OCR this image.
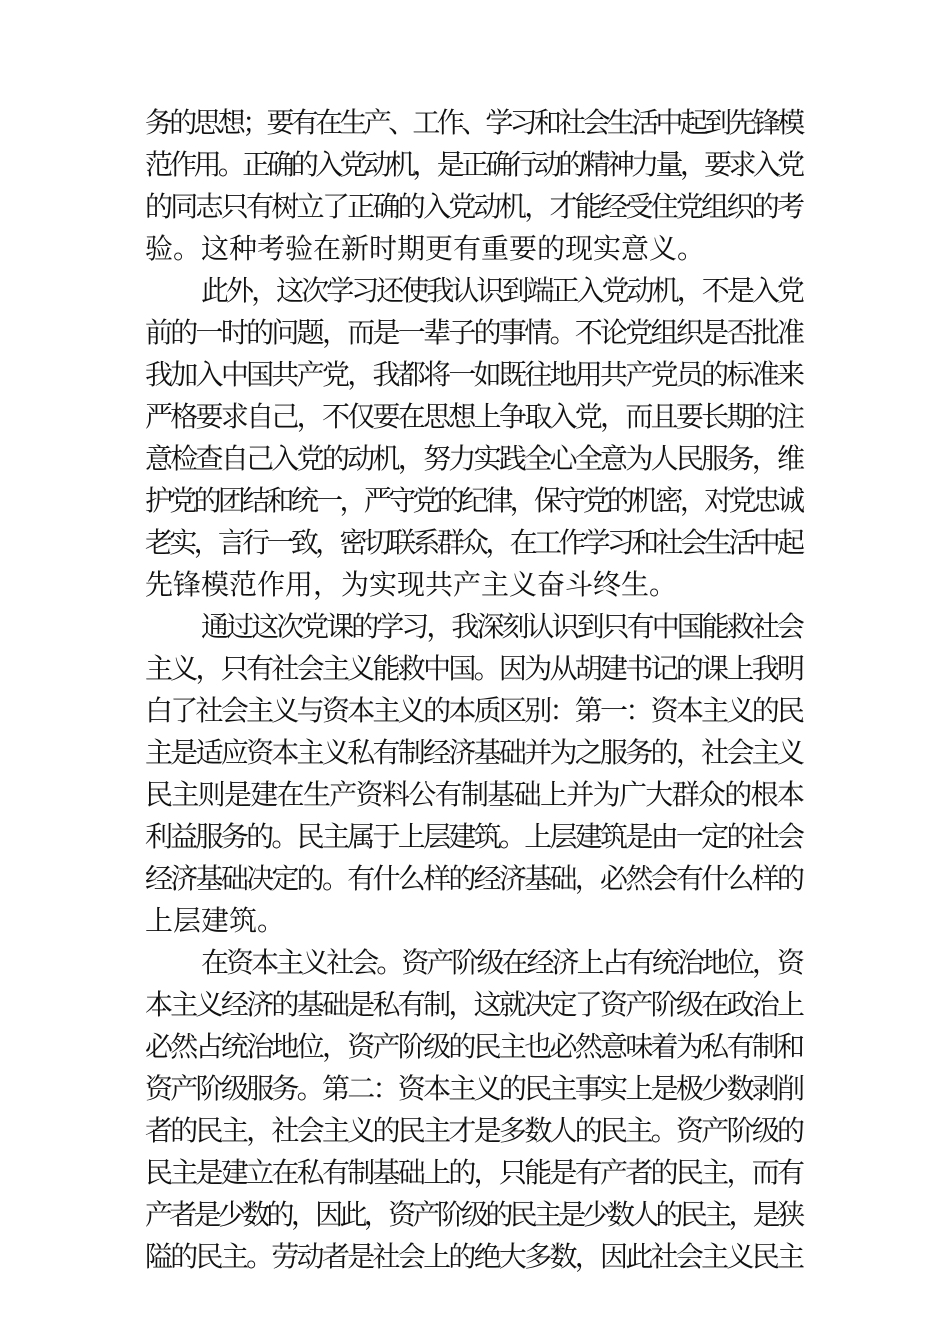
务的思想；要有在生产、工作、学习和社会生活中起到先锋模
范作用。正确的入党动机，是正确行动的精神力量，要求入党
的同志只有树立了正确的入党动机，才能经受住党组织的考
验。这种考验在新时期更有重要的现实意义。
此外，这次学习还使我认识到端正入党动机，不是入党
前的一时的问题，而是一辈子的事情。不论党组织是否批准
我加入中国共产党，我都将一如既往地用共产党员的标准来
严格要求自己，不仅要在思想上争取入党，而且要长期的注
意检查自己入党的动机，努力实践全心全意为人民服务，维
护党的团结和统一，严守党的纪律，保守党的机密，对党忠诚
老实，言行一致，密切联系群众，在工作学习和社会生活中起
先锋模范作用，为实现共产主义奋斗终生。
通过这次党课的学习，我深刻认识到只有中国能救社会
主义，只有社会主义能救中国。因为从胡建书记的课上我明
白了社会主义与资本主义的本质区别：第一：资本主义的民
主是适应资本主义私有制经济基础并为之服务的，社会主义
民主则是建在生产资料公有制基础上并为广大群众的根本
利益服务的。民主属于上层建筑。上层建筑是由一定的社会
经济基础决定的。有什么样的经济基础，必然会有什么样的
上层建筑。
在资本主义社会。资产阶级在经济上占有统治地位，资
本主义经济的基础是私有制，这就决定了资产阶级在政治上
必然占统治地位，资产阶级的民主也必然意味着为私有制和
资产阶级服务。第二：资本主义的民主事实上是极少数剥削
者的民主，社会主义的民主才是多数人的民主。资产阶级的
民主是建立在私有制基础上的，只能是有产者的民主，而有
产者是少数的，因此，资产阶级的民主是少数人的民主，是狭
隘的民主。劳动者是社会上的绝大多数，因此社会主义民主
